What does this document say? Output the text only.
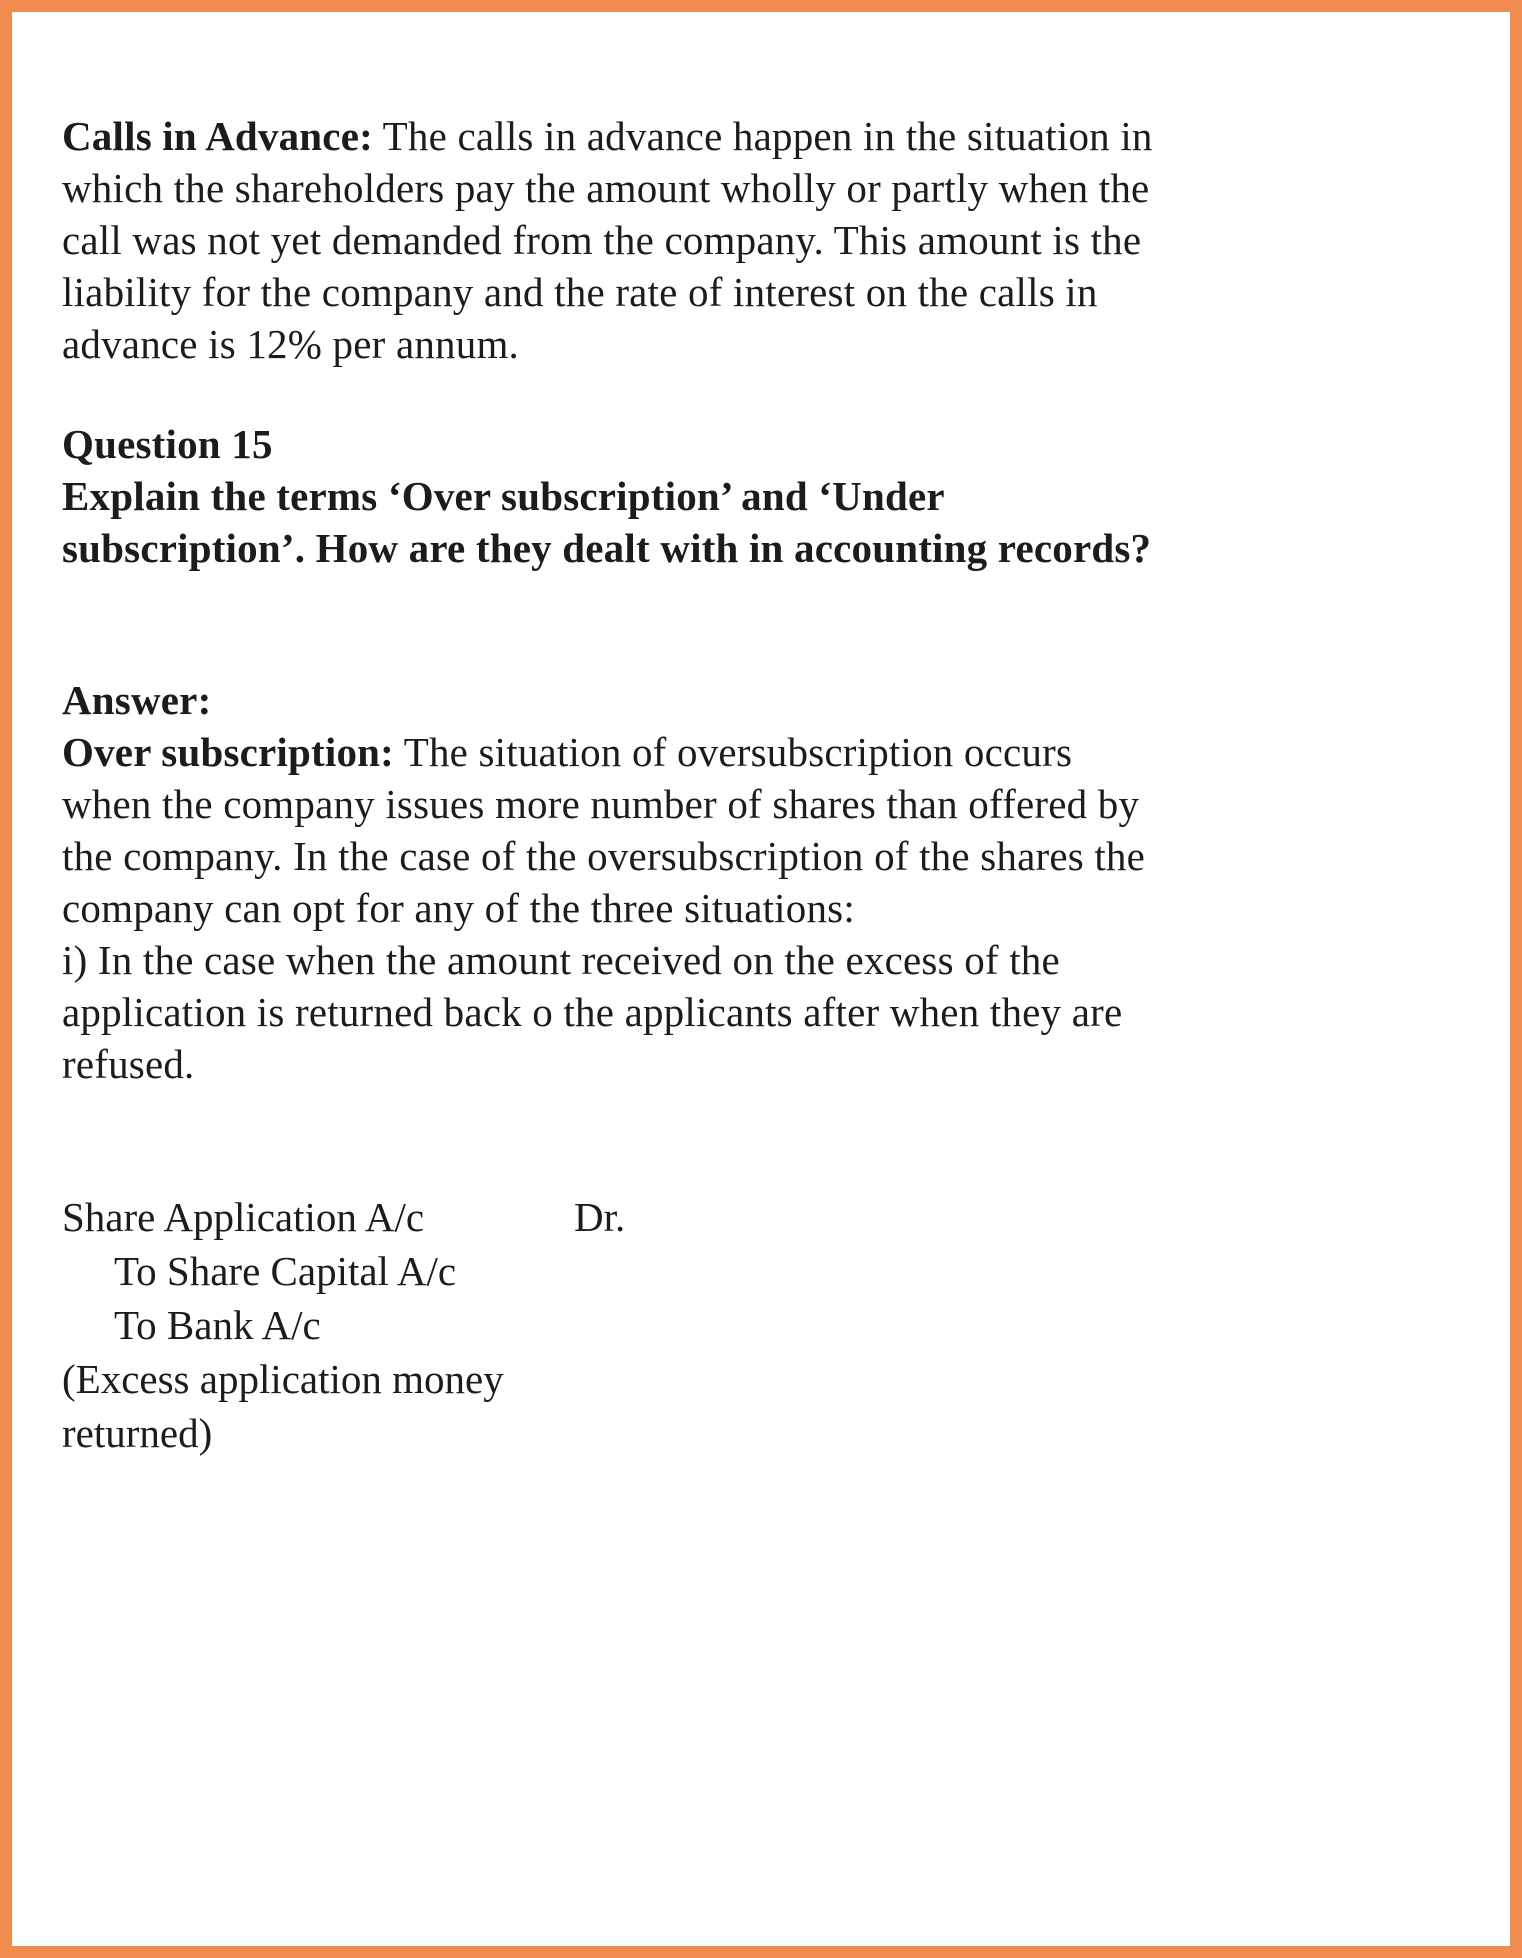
Calls in Advance: The calls in advance happen in the situation in which the shareholders pay the amount wholly or partly when the call was not yet demanded from the company. This amount is the liability for the company and the rate of interest on the calls in advance is 12% per annum.

Question 15

Explain the terms ‘Over subscription’ and ‘Under subscription’. How are they dealt with in accounting records?

Answer:

Over subscription: The situation of oversubscription occurs when the company issues more number of shares than offered by the company. In the case of the oversubscription of the shares the company can opt for any of the three situations:

i) In the case when the amount received on the excess of the application is returned back o the applicants after when they are refused.

Share Application A/c	Dr.
To Share Capital A/c
To Bank A/c
(Excess application money
returned)
